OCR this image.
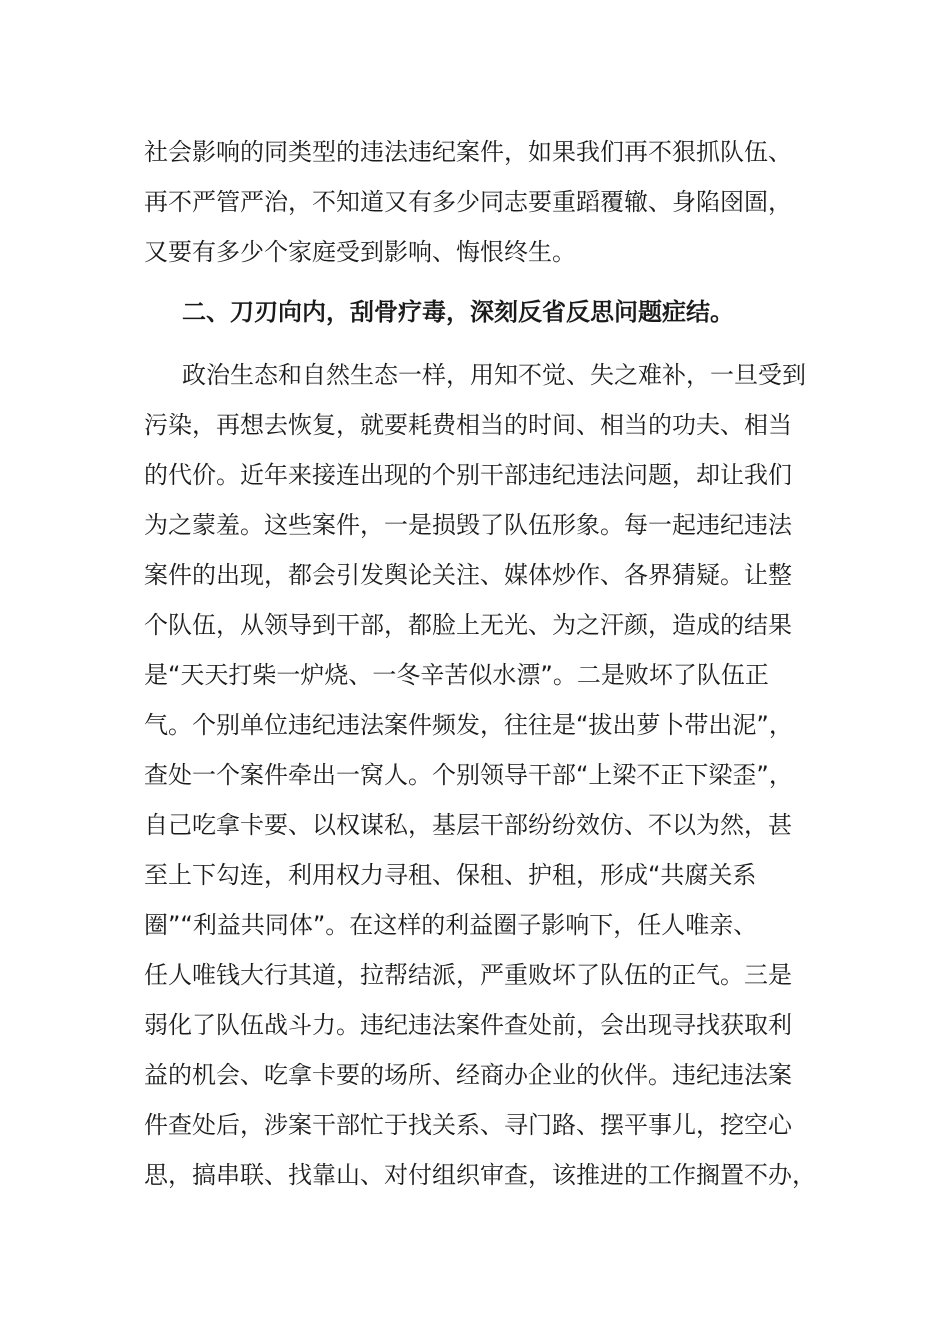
社会影响的同类型的违法违纪案件，如果我们再不狠抓队伍、
再不严管严治，不知道又有多少同志要重蹈覆辙、身陷囹圄，
又要有多少个家庭受到影响、悔恨终生。
二、刀刃向内，刮骨疗毒，深刻反省反思问题症结。
政治生态和自然生态一样，用知不觉、失之难补，一旦受到
污染，再想去恢复，就要耗费相当的时间、相当的功夫、相当
的代价。近年来接连出现的个别干部违纪违法问题，却让我们
为之蒙羞。这些案件，一是损毁了队伍形象。每一起违纪违法
案件的出现，都会引发舆论关注、媒体炒作、各界猜疑。让整
个队伍，从领导到干部，都脸上无光、为之汗颜，造成的结果
是“天天打柴一炉烧、一冬辛苦似水漂”。二是败坏了队伍正
气。个别单位违纪违法案件频发，往往是“拔出萝卜带出泥”，
查处一个案件牵出一窝人。个别领导干部“上梁不正下梁歪”，
自己吃拿卡要、以权谋私，基层干部纷纷效仿、不以为然，甚
至上下勾连，利用权力寻租、保租、护租，形成“共腐关系
圈”“利益共同体”。在这样的利益圈子影响下，任人唯亲、
任人唯钱大行其道，拉帮结派，严重败坏了队伍的正气。三是
弱化了队伍战斗力。违纪违法案件查处前，会出现寻找获取利
益的机会、吃拿卡要的场所、经商办企业的伙伴。违纪违法案
件查处后，涉案干部忙于找关系、寻门路、摆平事儿，挖空心
思，搞串联、找靠山、对付组织审查，该推进的工作搁置不办，
